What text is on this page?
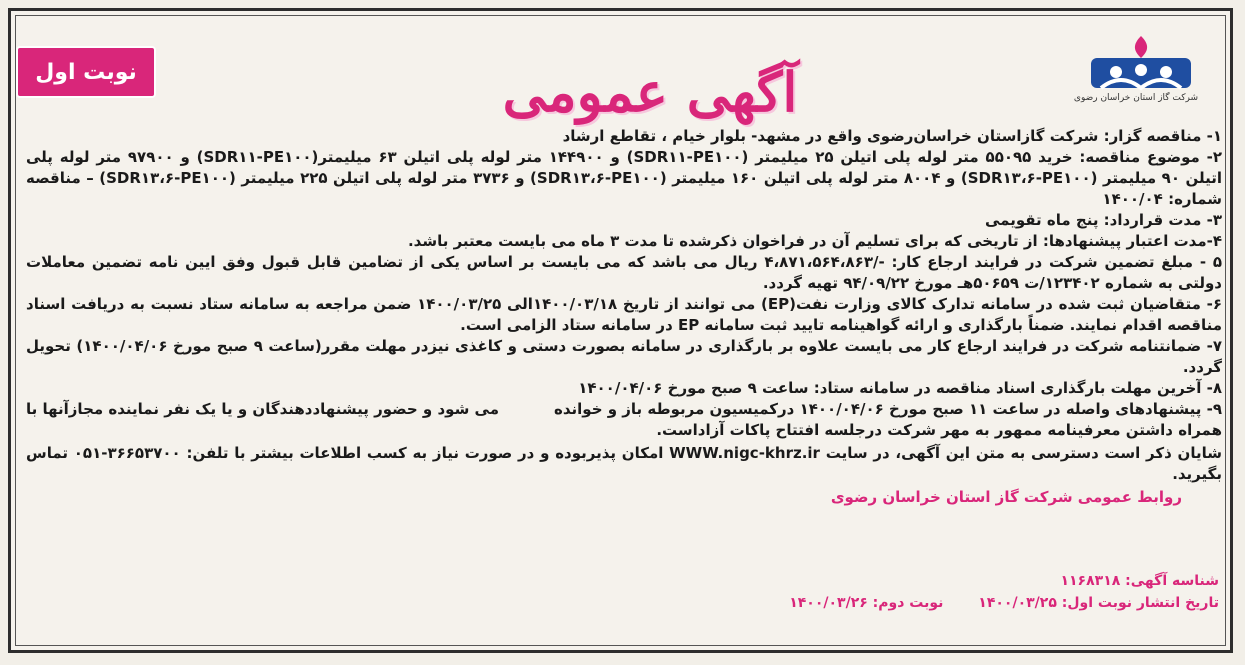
نوبت اول	آگهی عمومی	شرکت گاز استان خراسان رضوی

۱- مناقصه گزار: شرکت گازاستان خراسان‌رضوی واقع در مشهد- بلوار خیام ، تقاطع ارشاد

۲- موضوع مناقصه: خرید ۵۵۰۹۵ متر لوله پلی اتیلن ۲۵ میلیمتر (SDR۱۱-PE۱۰۰) و ۱۴۴۹۰۰ متر لوله پلی اتیلن ۶۳ میلیمتر(SDR۱۱-PE۱۰۰) و ۹۷۹۰۰ متر لوله پلی اتیلن ۹۰ میلیمتر (SDR۱۳،۶-PE۱۰۰) و ۸۰۰۴ متر لوله پلی اتیلن ۱۶۰ میلیمتر (SDR۱۳،۶-PE۱۰۰) و ۳۷۳۶ متر لوله پلی اتیلن ۲۲۵ میلیمتر (SDR۱۳،۶-PE۱۰۰) – مناقصه شماره: ۱۴۰۰/۰۴

۳- مدت قرارداد: پنج ماه تقویمی

۴-مدت اعتبار پیشنهادها: از تاریخی که برای تسلیم آن در فراخوان ذکرشده تا مدت ۳ ماه می بایست معتبر باشد.

۵ - مبلغ تضمین شرکت در فرایند ارجاع کار: -/۴،۸۷۱،۵۶۴،۸۶۳ ریال می باشد که می بایست بر اساس یکی از تضامین قابل قبول وفق ایین نامه تضمین معاملات دولتی به شماره ۱۲۳۴۰۲/ت ۵۰۶۵۹هـ مورخ ۹۴/۰۹/۲۲ تهیه گردد.

۶- متقاضیان ثبت شده در سامانه تدارک کالای وزارت نفت(EP) می توانند از تاریخ ۱۴۰۰/۰۳/۱۸الی ۱۴۰۰/۰۳/۲۵ ضمن مراجعه به سامانه ستاد نسبت به دریافت اسناد مناقصه اقدام نمایند. ضمناً بارگذاری و ارائه گواهینامه تایید ثبت سامانه EP در سامانه ستاد الزامی است.

۷- ضمانتنامه شرکت در فرایند ارجاع کار می بایست علاوه بر بارگذاری در سامانه بصورت دستی و کاغذی نیزدر مهلت مقرر(ساعت ۹ صبح مورخ ۱۴۰۰/۰۴/۰۶) تحویل گردد.

۸- آخرین مهلت بارگذاری اسناد مناقصه در سامانه ستاد: ساعت ۹ صبح مورخ ۱۴۰۰/۰۴/۰۶

۹- پیشنهادهای واصله در ساعت ۱۱ صبح مورخ ۱۴۰۰/۰۴/۰۶ درکمیسیون مربوطه باز و خوانده
می شود و حضور پیشنهاددهندگان و یا یک نفر نماینده مجازآنها با

همراه داشتن معرفینامه ممهور به مهر شرکت درجلسه افتتاح پاکات آزاداست.

شایان ذکر است دسترسی به متن این آگهی، در سایت WWW.nigc-khrz.ir امکان پذیربوده و در صورت نیاز به کسب اطلاعات بیشتر با تلفن: ۳۶۶۵۳۷۰۰-۰۵۱ تماس بگیرید.

روابط عمومی شرکت گاز استان خراسان رضوی

شناسه آگهی: ۱۱۶۸۳۱۸
تاریخ انتشار نوبت اول: ۱۴۰۰/۰۳/۲۵ نوبت دوم: ۱۴۰۰/۰۳/۲۶
